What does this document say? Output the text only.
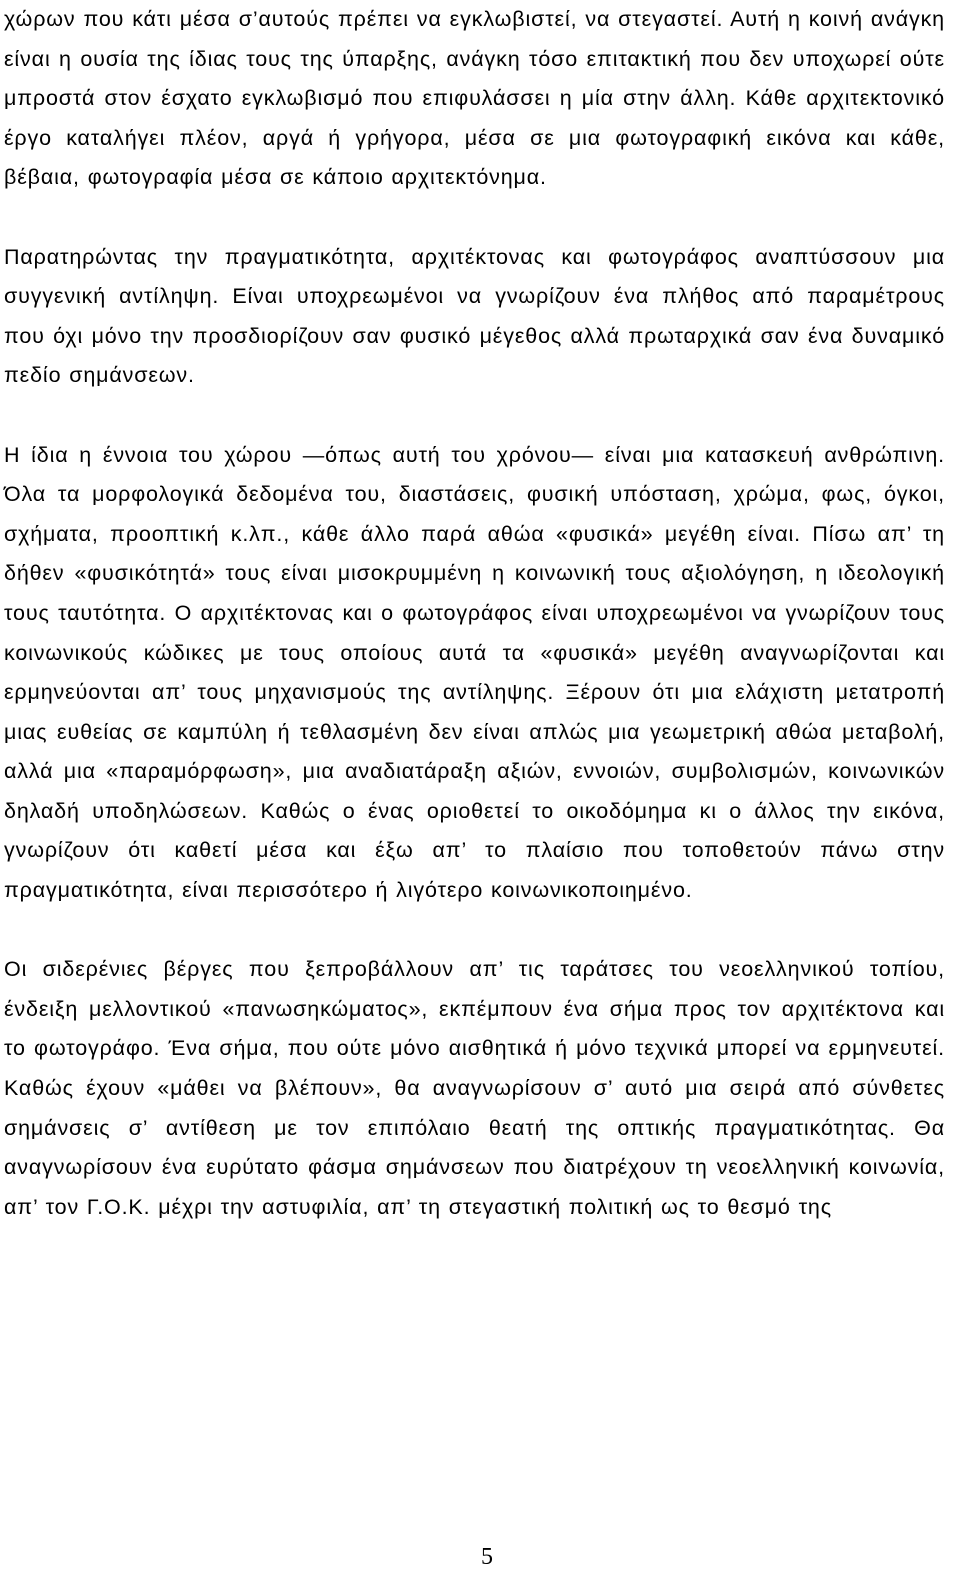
χώρων που κάτι μέσα σ’αυτούς πρέπει να εγκλωβιστεί, να στεγαστεί. Αυτή η κοινή ανάγκη είναι η ουσία της ίδιας τους της ύπαρξης, ανάγκη τόσο επιτακτική που δεν υποχωρεί ούτε μπροστά στον έσχατο εγκλωβισμό που επιφυλάσσει η μία στην άλλη. Κάθε αρχιτεκτονικό έργο καταλήγει πλέον, αργά ή γρήγορα, μέσα σε μια φωτογραφική εικόνα και κάθε, βέβαια, φωτογραφία μέσα σε κάποιο αρχιτεκτόνημα.

Παρατηρώντας την πραγματικότητα, αρχιτέκτονας και φωτογράφος αναπτύσσουν μια συγγενική αντίληψη. Είναι υποχρεωμένοι να γνωρίζουν ένα πλήθος από παραμέτρους που όχι μόνο την προσδιορίζουν σαν φυσικό μέγεθος αλλά πρωταρχικά σαν ένα δυναμικό πεδίο σημάνσεων.

Η ίδια η έννοια του χώρου —όπως αυτή του χρόνου— είναι μια κατασκευή ανθρώπινη. Όλα τα μορφολογικά δεδομένα του, διαστάσεις, φυσική υπόσταση, χρώμα, φως, όγκοι, σχήματα, προοπτική κ.λπ., κάθε άλλο παρά αθώα «φυσικά» μεγέθη είναι. Πίσω απ’ τη δήθεν «φυσικότητά» τους είναι μισοκρυμμένη η κοινωνική τους αξιολόγηση, η ιδεολογική τους ταυτότητα. Ο αρχιτέκτονας και ο φωτογράφος είναι υποχρεωμένοι να γνωρίζουν τους κοινωνικούς κώδικες με τους οποίους αυτά τα «φυσικά» μεγέθη αναγνωρίζονται και ερμηνεύονται απ’ τους μηχανισμούς της αντίληψης. Ξέρουν ότι μια ελάχιστη μετατροπή μιας ευθείας σε καμπύλη ή τεθλασμένη δεν είναι απλώς μια γεωμετρική αθώα μεταβολή, αλλά μια «παραμόρφωση», μια αναδιατάραξη αξιών, εννοιών, συμβολισμών, κοινωνικών δηλαδή υποδηλώσεων. Καθώς ο ένας οριοθετεί το οικοδόμημα κι ο άλλος την εικόνα, γνωρίζουν ότι καθετί μέσα και έξω απ’ το πλαίσιο που τοποθετούν πάνω στην πραγματικότητα, είναι περισσότερο ή λιγότερο κοινωνικοποιημένο.

Οι σιδερένιες βέργες που ξεπροβάλλουν απ’ τις ταράτσες του νεοελληνικού τοπίου, ένδειξη μελλοντικού «πανωσηκώματος», εκπέμπουν ένα σήμα προς τον αρχιτέκτονα και το φωτογράφο. Ένα σήμα, που ούτε μόνο αισθητικά ή μόνο τεχνικά μπορεί να ερμηνευτεί. Καθώς έχουν «μάθει να βλέπουν», θα αναγνωρίσουν σ’ αυτό μια σειρά από σύνθετες σημάνσεις σ’ αντίθεση με τον επιπόλαιο θεατή της οπτικής πραγματικότητας. Θα αναγνωρίσουν ένα ευρύτατο φάσμα σημάνσεων που διατρέχουν τη νεοελληνική κοινωνία, απ’ τον Γ.Ο.Κ. μέχρι την αστυφιλία, απ’ τη στεγαστική πολιτική ως το θεσμό της

5
